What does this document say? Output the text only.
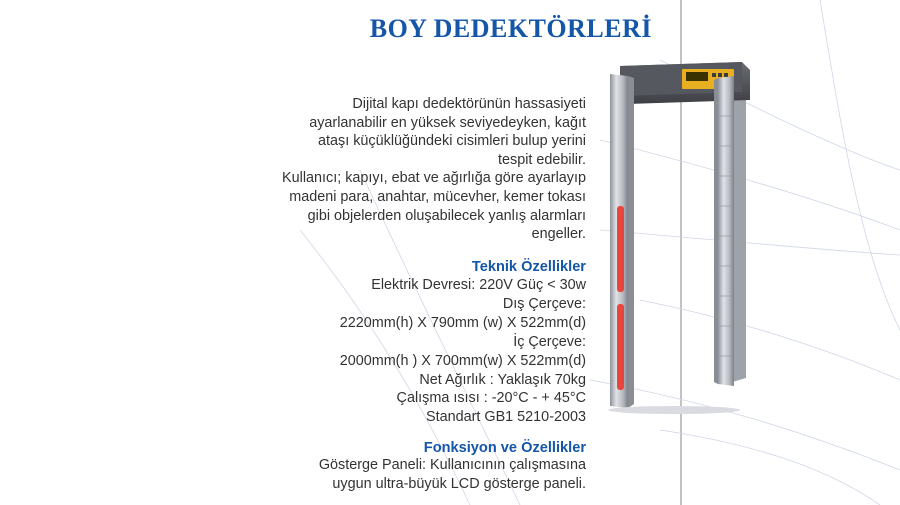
BOY DEDEKTÖRLERİ
Dijital kapı dedektörünün hassasiyeti
ayarlanabilir en yüksek seviyedeyken, kağıt
ataşı küçüklüğündeki cisimleri bulup yerini
tespit edebilir.
Kullanıcı; kapıyı, ebat ve ağırlığa göre ayarlayıp
madeni para, anahtar, mücevher, kemer tokası
gibi objelerden oluşabilecek yanlış alarmları
engeller.
Teknik Özellikler
Elektrik Devresi: 220V Güç < 30w
Dış Çerçeve:
2220mm(h) X 790mm (w) X 522mm(d)
İç Çerçeve:
2000mm(h ) X 700mm(w) X 522mm(d)
Net Ağırlık : Yaklaşık 70kg
Çalışma ısısı : -20°C - + 45°C
Standart GB1 5210-2003
Fonksiyon ve Özellikler
Gösterge Paneli: Kullanıcının çalışmasına
uygun ultra-büyük LCD gösterge paneli.
